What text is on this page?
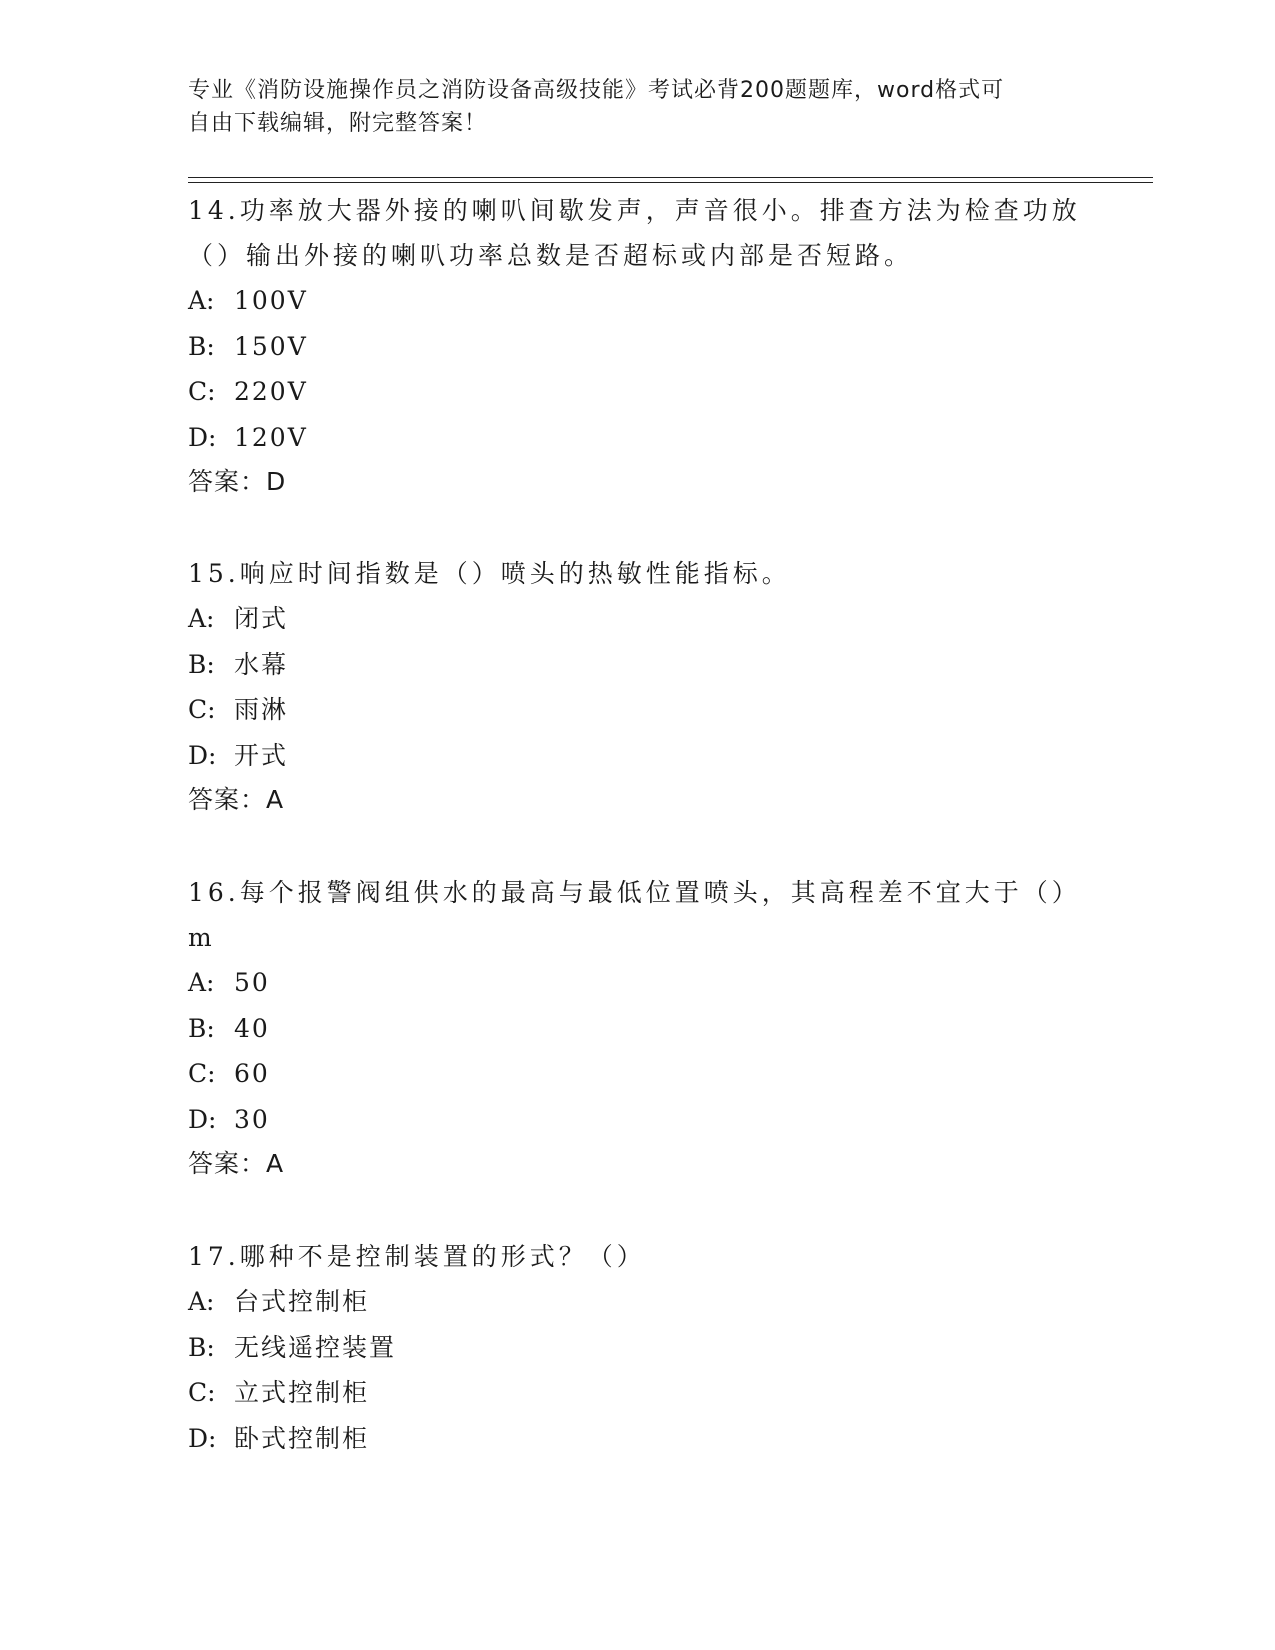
专业《消防设施操作员之消防设备高级技能》考试必背200题题库，word格式可
自由下载编辑，附完整答案！

14.功率放大器外接的喇叭间歇发声，声音很小。排查方法为检查功放

（）输出外接的喇叭功率总数是否超标或内部是否短路。

A: 100V

B: 150V

C: 220V

D: 120V

答案：D

15.响应时间指数是（）喷头的热敏性能指标。

A: 闭式

B: 水幕

C: 雨淋

D: 开式

答案：A

16.每个报警阀组供水的最高与最低位置喷头，其高程差不宜大于（）

m

A: 50

B: 40

C: 60

D: 30

答案：A

17.哪种不是控制装置的形式？（）

A: 台式控制柜

B: 无线遥控装置

C: 立式控制柜

D: 卧式控制柜
